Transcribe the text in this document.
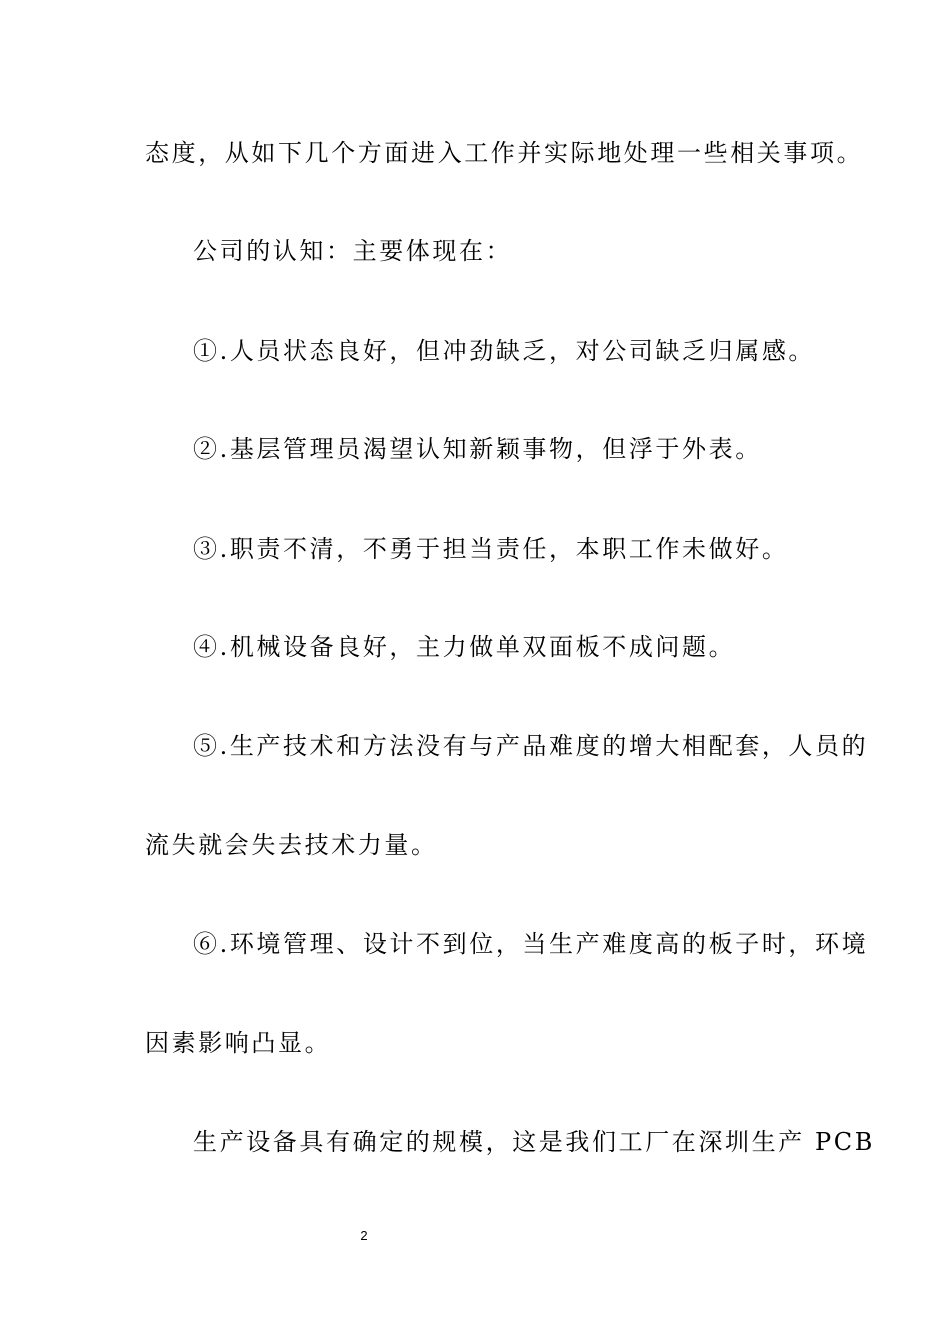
态度，从如下几个方面进入工作并实际地处理一些相关事项。
公司的认知：主要体现在：
①.人员状态良好，但冲劲缺乏，对公司缺乏归属感。
②.基层管理员渴望认知新颖事物，但浮于外表。
③.职责不清，不勇于担当责任，本职工作未做好。
④.机械设备良好，主力做单双面板不成问题。
⑤.生产技术和方法没有与产品难度的增大相配套，人员的
流失就会失去技术力量。
⑥.环境管理、设计不到位，当生产难度高的板子时，环境
因素影响凸显。
生产设备具有确定的规模，这是我们工厂在深圳生产 PCB
2
